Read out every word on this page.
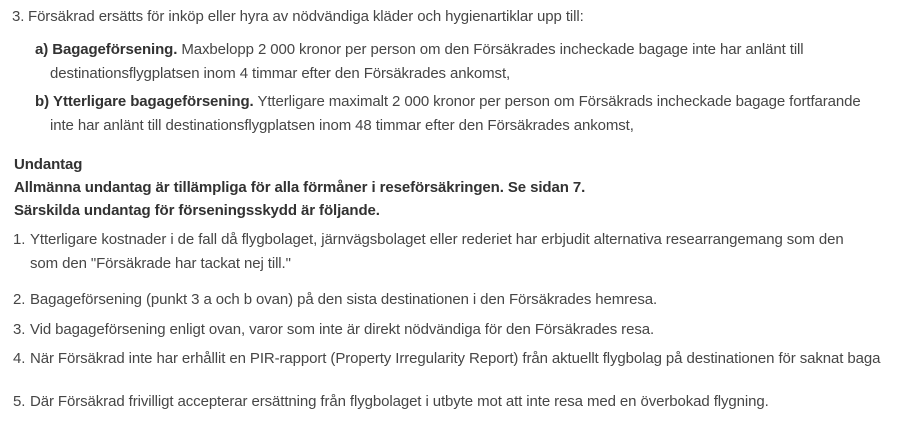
3. Försäkrad ersätts för inköp eller hyra av nödvändiga kläder och hygienartiklar upp till:
a) Bagageförsening. Maxbelopp 2 000 kronor per person om den Försäkrades incheckade bagage inte har anlänt till
destinationsflygplatsen inom 4 timmar efter den Försäkrades ankomst,
b) Ytterligare bagageförsening. Ytterligare maximalt 2 000 kronor per person om Försäkrads incheckade bagage fortfarande
inte har anlänt till destinationsflygplatsen inom 48 timmar efter den Försäkrades ankomst,
Undantag
Allmänna undantag är tillämpliga för alla förmåner i reseförsäkringen. Se sidan 7.
Särskilda undantag för förseningsskydd är följande.
1. Ytterligare kostnader i de fall då flygbolaget, järnvägsbolaget eller rederiet har erbjudit alternativa researrangemang som den
som den "Försäkrade har tackat nej till."
2. Bagageförsening (punkt 3 a och b ovan) på den sista destinationen i den Försäkrades hemresa.
3. Vid bagageförsening enligt ovan, varor som inte är direkt nödvändiga för den Försäkrades resa.
4. När Försäkrad inte har erhållit en PIR-rapport (Property Irregularity Report) från aktuellt flygbolag på destinationen för saknat baga
5. Där Försäkrad frivilligt accepterar ersättning från flygbolaget i utbyte mot att inte resa med en överbokad flygning.
